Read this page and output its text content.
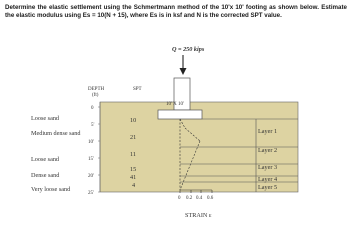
Determine the elastic settlement using the Schmertmann method of the 10'x 10' footing as shown below. Estimate the elastic modulus using Es = 10(N + 15), where Es is in ksf and N is the corrected SPT value.
DEPTH
(ft)
SPT
0
5'
10'
15'
20'
25'
10
21
11
15
41
4
Loose sand
Medium dense sand
Loose sand
Dense sand
Very loose sand
Q = 250 kips
10' X 10'
0 0.2 0.4 0.6
STRAIN ε
Layer 1
Layer 2
Layer 3
Layer 4
Layer 5
